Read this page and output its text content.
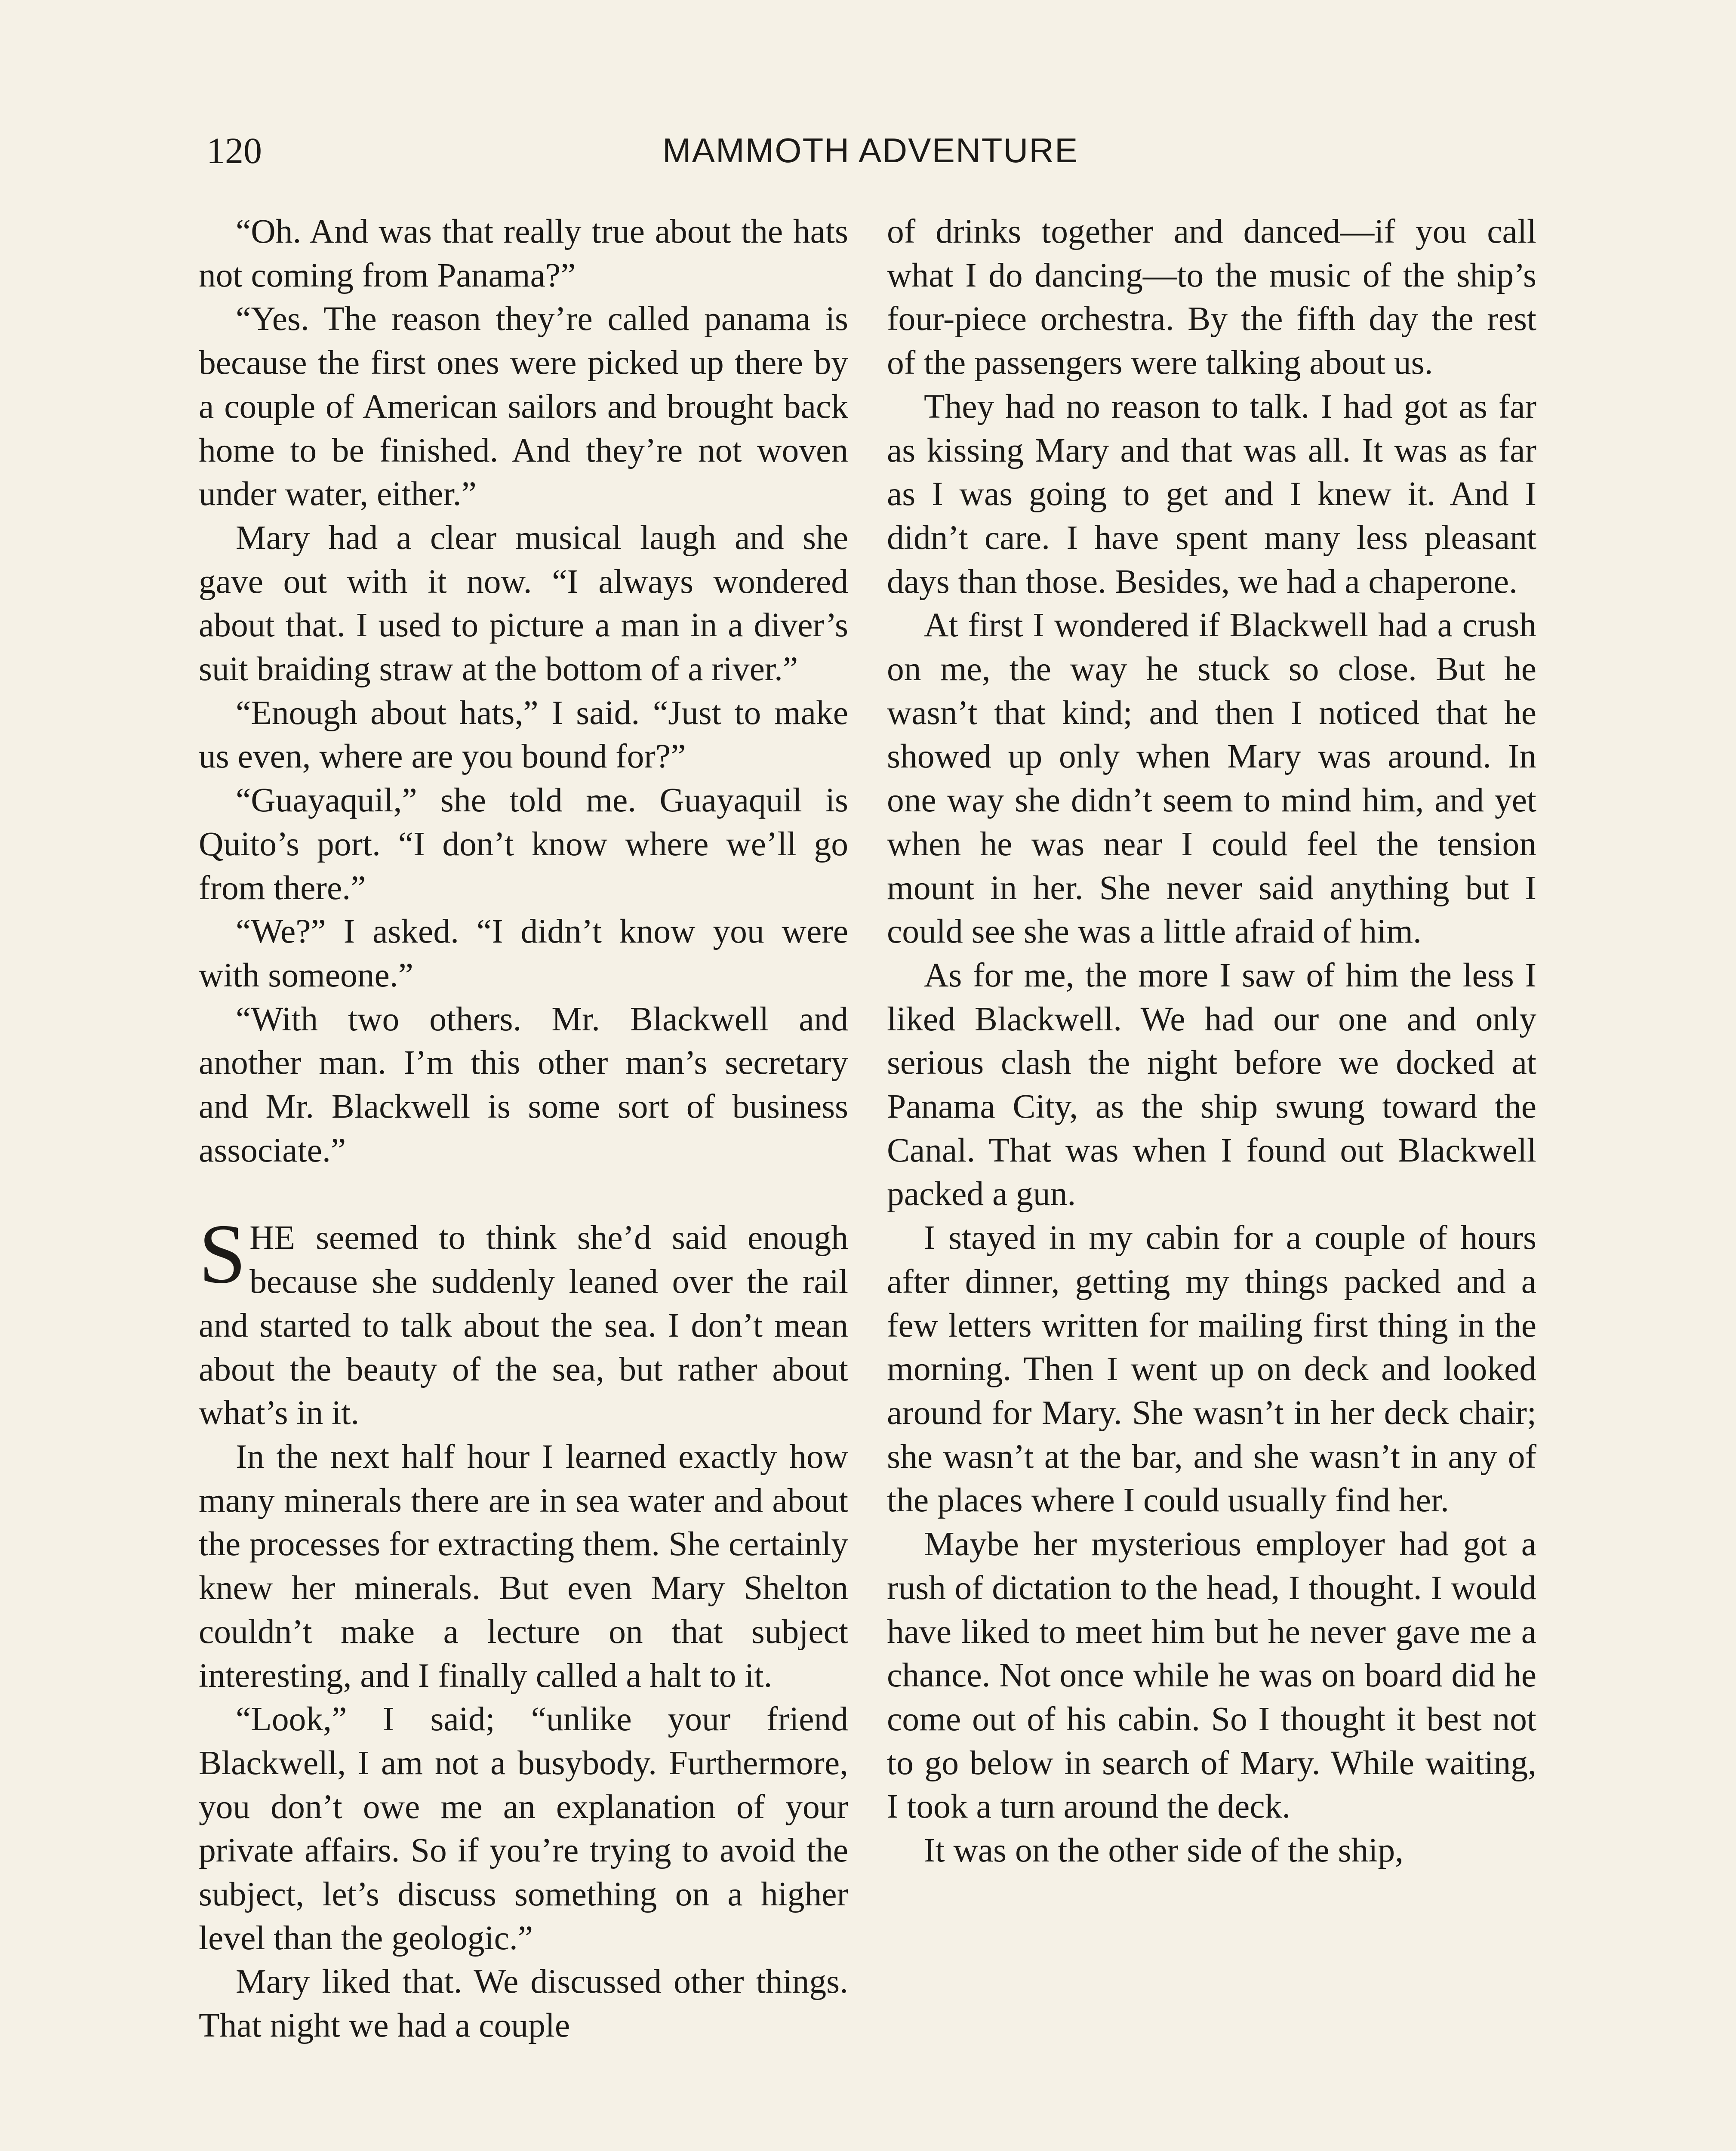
120	MAMMOTH ADVENTURE

“Oh. And was that really true about the hats not coming from Panama?”

“Yes. The reason they’re called panama is because the first ones were picked up there by a couple of American sailors and brought back home to be finished. And they’re not woven under water, either.”

Mary had a clear musical laugh and she gave out with it now. “I always wondered about that. I used to picture a man in a diver’s suit braiding straw at the bottom of a river.”

“Enough about hats,” I said. “Just to make us even, where are you bound for?”

“Guayaquil,” she told me. Guayaquil is Quito’s port. “I don’t know where we’ll go from there.”

“We?” I asked. “I didn’t know you were with someone.”

“With two others. Mr. Blackwell and another man. I’m this other man’s secretary and Mr. Blackwell is some sort of business associate.”

SHE seemed to think she’d said enough because she suddenly leaned over the rail and started to talk about the sea. I don’t mean about the beauty of the sea, but rather about what’s in it.

In the next half hour I learned exactly how many minerals there are in sea water and about the processes for extracting them. She certainly knew her minerals. But even Mary Shelton couldn’t make a lecture on that subject interesting, and I finally called a halt to it.

“Look,” I said; “unlike your friend Blackwell, I am not a busybody. Furthermore, you don’t owe me an explanation of your private affairs. So if you’re trying to avoid the subject, let’s discuss something on a higher level than the geologic.”

Mary liked that. We discussed other things. That night we had a couple

of drinks together and danced—if you call what I do dancing—to the music of the ship’s four-piece orchestra. By the fifth day the rest of the passengers were talking about us.

They had no reason to talk. I had got as far as kissing Mary and that was all. It was as far as I was going to get and I knew it. And I didn’t care. I have spent many less pleasant days than those. Besides, we had a chaperone.

At first I wondered if Blackwell had a crush on me, the way he stuck so close. But he wasn’t that kind; and then I noticed that he showed up only when Mary was around. In one way she didn’t seem to mind him, and yet when he was near I could feel the tension mount in her. She never said anything but I could see she was a little afraid of him.

As for me, the more I saw of him the less I liked Blackwell. We had our one and only serious clash the night before we docked at Panama City, as the ship swung toward the Canal. That was when I found out Blackwell packed a gun.

I stayed in my cabin for a couple of hours after dinner, getting my things packed and a few letters written for mailing first thing in the morning. Then I went up on deck and looked around for Mary. She wasn’t in her deck chair; she wasn’t at the bar, and she wasn’t in any of the places where I could usually find her.

Maybe her mysterious employer had got a rush of dictation to the head, I thought. I would have liked to meet him but he never gave me a chance. Not once while he was on board did he come out of his cabin. So I thought it best not to go below in search of Mary. While waiting, I took a turn around the deck.

It was on the other side of the ship,
